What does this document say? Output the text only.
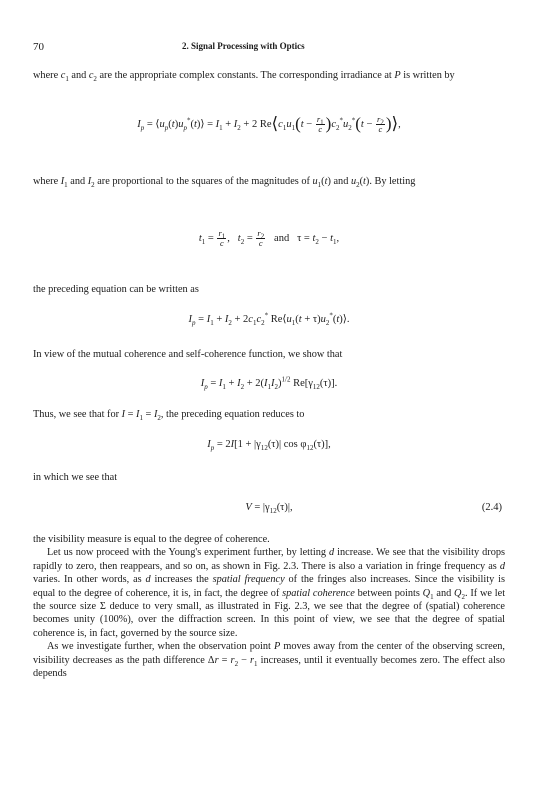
70	2. Signal Processing with Optics

where $c_1$ and $c_2$ are the appropriate complex constants. The corresponding irradiance at P is written by

$I_p$ = $⟨u_p(t)u_p^*(t)⟩ = I_1 + I_2 + 2$ $Re⟨c_1u_1(t - \frac{r_1}{c} )c_2^*u_2^*(t - \frac{r_2}{c}$ )⟩,

where $I_1$ and $I_2$ are proportional to the squares of the magnitudes of $u_1(t)$ and $u_2(t)$. By letting

$t_1 = \frac{r_1}{c}$ ,   $t_2 = \frac{r_2}{c}$ and   $\tau = t_2 - t_1$,

the preceding equation can be written as

$I_p = I_1 + I_2 + 2c_1c_2^*$ $Re⟨u_1(t$ + $\tau)u_2^*(t)⟩$.

In view of the mutual coherence and self-coherence function, we show that

$I_p = I_1 + I_2 + 2(I_1I_2)^{1/2}$ $Re[\gamma_{12}(\tau)]$.

Thus, we see that for $I = I_1 = I_2$, the preceding equation reduces to

$I_p = 2I[1 + |\gamma_{12}(\tau)|$ $\cos \varphi_{12}(\tau)$],

in which we see that

$V = |\gamma_{12}(\tau)|$,	(2.4)

the visibility measure is equal to the degree of coherence.

Let us now proceed with the Young's experiment further, by letting d increase. We see that the visibility drops rapidly to zero, then reappears, and so on, as shown in Fig. 2.3. There is also a variation in fringe frequency as d varies. In other words, as d increases the spatial frequency of the fringes also increases. Since the visibility is equal to the degree of coherence, it is, in fact, the degree of spatial coherence between points $Q_1$ and $Q_2$. If we let the source size Σ deduce to very small, as illustrated in Fig. 2.3, we see that the degree of (spatial) coherence becomes unity (100%), over the diffraction screen. In this point of view, we see that the degree of spatial coherence is, in fact, governed by the source size.

As we investigate further, when the observation point P moves away from the center of the observing screen, visibility decreases as the path difference $\Delta r = r_2 - r_1$ increases, until it eventually becomes zero. The effect also depends
